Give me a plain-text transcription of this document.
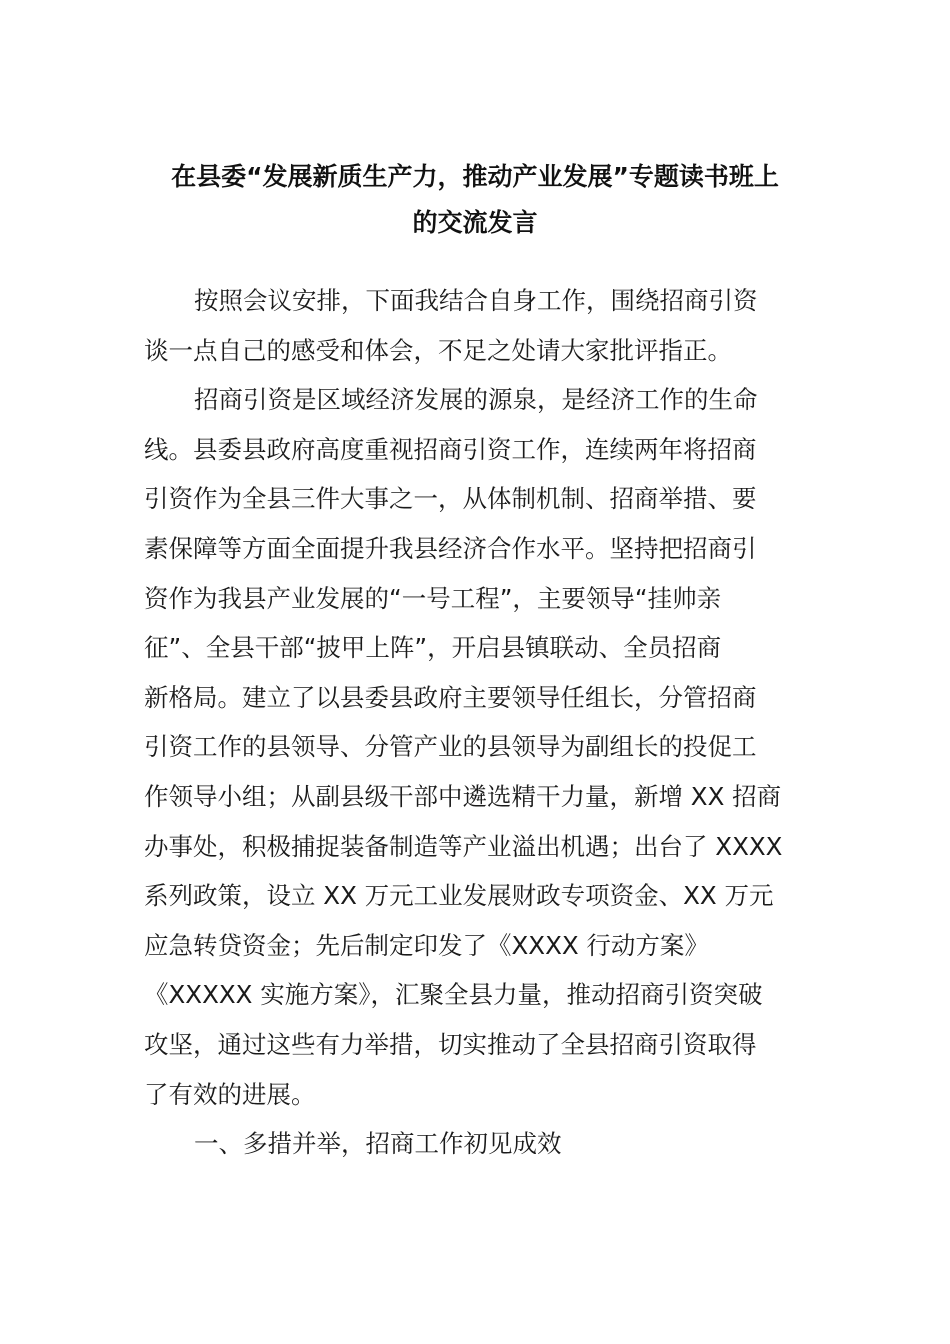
在县委“发展新质生产力，推动产业发展”专题读书班上
的交流发言
按照会议安排，下面我结合自身工作，围绕招商引资
谈一点自己的感受和体会，不足之处请大家批评指正。
招商引资是区域经济发展的源泉，是经济工作的生命
线。县委县政府高度重视招商引资工作，连续两年将招商
引资作为全县三件大事之一，从体制机制、招商举措、要
素保障等方面全面提升我县经济合作水平。坚持把招商引
资作为我县产业发展的“一号工程”，主要领导“挂帅亲
征”、全县干部“披甲上阵”，开启县镇联动、全员招商
新格局。建立了以县委县政府主要领导任组长，分管招商
引资工作的县领导、分管产业的县领导为副组长的投促工
作领导小组；从副县级干部中遴选精干力量，新增 XX 招商
办事处，积极捕捉装备制造等产业溢出机遇；出台了 XXXX
系列政策，设立 XX 万元工业发展财政专项资金、XX 万元
应急转贷资金；先后制定印发了《XXXX 行动方案》
《XXXXX 实施方案》，汇聚全县力量，推动招商引资突破
攻坚，通过这些有力举措，切实推动了全县招商引资取得
了有效的进展。
一、多措并举，招商工作初见成效
